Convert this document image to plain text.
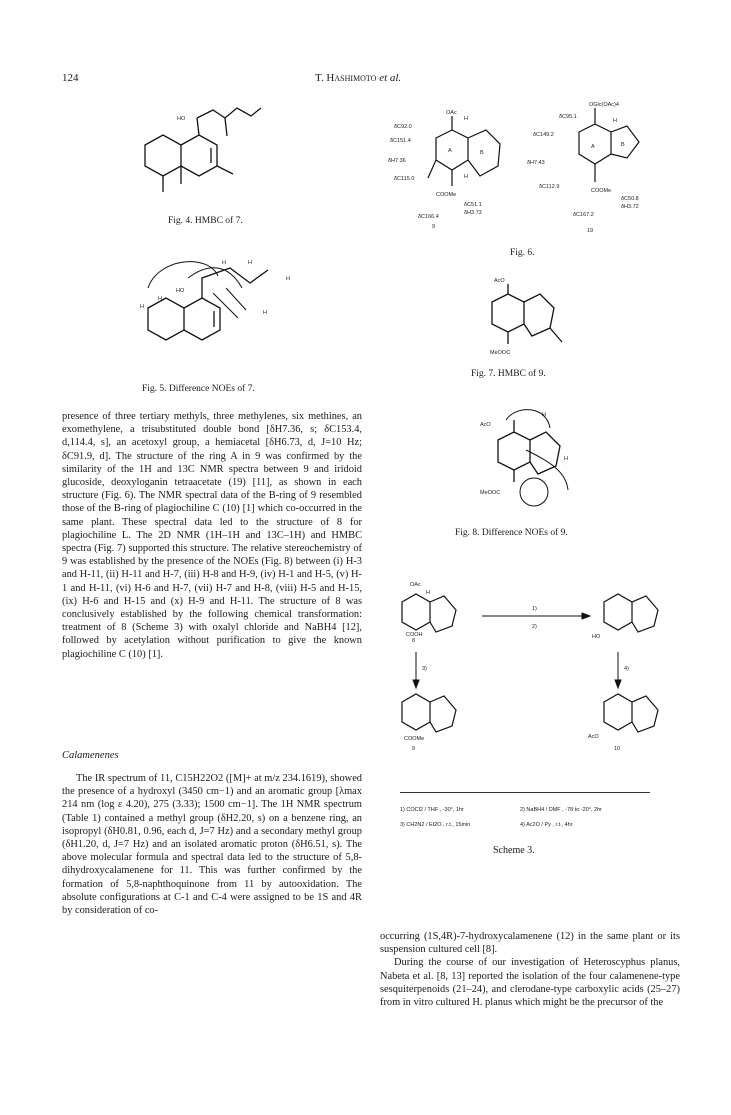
124	T. Hashimoto et al.
HO
Fig. 4. HMBC of 7.
H	H
H
HO
H
H
H
Fig. 5. Difference NOEs of 7.
δC92.0
OAc
H
δC151.4
A	B
δH7.36
δC115.0
COOMe
H
δC51.1
δH3.73
δC166.4
9
OGlc(OAc)4
δC95.1
δC149.2
A	B
H
δH7.43
δC112.9
COOMe
δC50.8
δH3.72
δC167.2
19
Fig. 6.
AcO
MeOOC
Fig. 7. HMBC of 9.
AcO
MeOOC
H
H
Fig. 8. Difference NOEs of 9.
1)
2)
3)	4)
8
9	10
OAc
COOH	HO
COOMe	AcO
H
1) COCl2 / THF , -30°, 1hr	2) NaBH4 / DMF , -78 to -20°, 2hr
3) CH2N2 / Et2O , r.t., 15min	4) Ac2O / Py , r.t., 4hr
Scheme 3.

presence of three tertiary methyls, three methylenes, six methines, an exomethylene, a trisubstituted double bond [δH7.36, s; δC153.4, d,114.4, s], an acetoxyl group, a hemiacetal [δH6.73, d, J=10 Hz; δC91.9, d]. The structure of the ring A in 9 was confirmed by the similarity of the 1H and 13C NMR spectra between 9 and iridoid glucoside, deoxyloganin tetraacetate (19) [11], as shown in each structure (Fig. 6). The NMR spectral data of the B-ring of 9 resembled those of the B-ring of plagiochiline C (10) [1] which co-occurred in the same plant. These spectral data led to the structure of 8 for plagiochiline L. The 2D NMR (1H–1H and 13C–1H) and HMBC spectra (Fig. 7) supported this structure. The relative stereochemistry of 9 was established by the presence of the NOEs (Fig. 8) between (i) H-3 and H-11, (ii) H-11 and H-7, (iii) H-8 and H-9, (iv) H-1 and H-5, (v) H-1 and H-11, (vi) H-6 and H-7, (vii) H-7 and H-8, (viii) H-5 and H-15, (ix) H-6 and H-15 and (x) H-9 and H-11. The structure of 8 was conclusively established by the following chemical transformation: treatment of 8 (Scheme 3) with oxalyl chloride and NaBH4 [12], followed by acetylation without purification to give the known plagiochiline C (10) [1].

Calamenenes

The IR spectrum of 11, C15H22O2 ([M]+ at m/z 234.1619), showed the presence of a hydroxyl (3450 cm−1) and an aromatic group [λmax 214 nm (log ε 4.20), 275 (3.33); 1500 cm−1]. The 1H NMR spectrum (Table 1) contained a methyl group (δH2.20, s) on a benzene ring, an isopropyl (δH0.81, 0.96, each d, J=7 Hz) and a secondary methyl group (δH1.20, d, J=7 Hz) and an isolated aromatic proton (δH6.51, s). The above molecular formula and spectral data led to the structure of 5,8-dihydroxycalamenene for 11. This was further confirmed by the formation of 5,8-naphthoquinone from 11 by autooxidation. The absolute configurations at C-1 and C-4 were assigned to be 1S and 4R by consideration of co-

occurring (1S,4R)-7-hydroxycalamenene (12) in the same plant or its suspension cultured cell [8].

During the course of our investigation of Heteroscyphus planus, Nabeta et al. [8, 13] reported the isolation of the four calamenene-type sesquiterpenoids (21–24), and clerodane-type carboxylic acids (25–27) from in vitro cultured H. planus which might be the precursor of the
